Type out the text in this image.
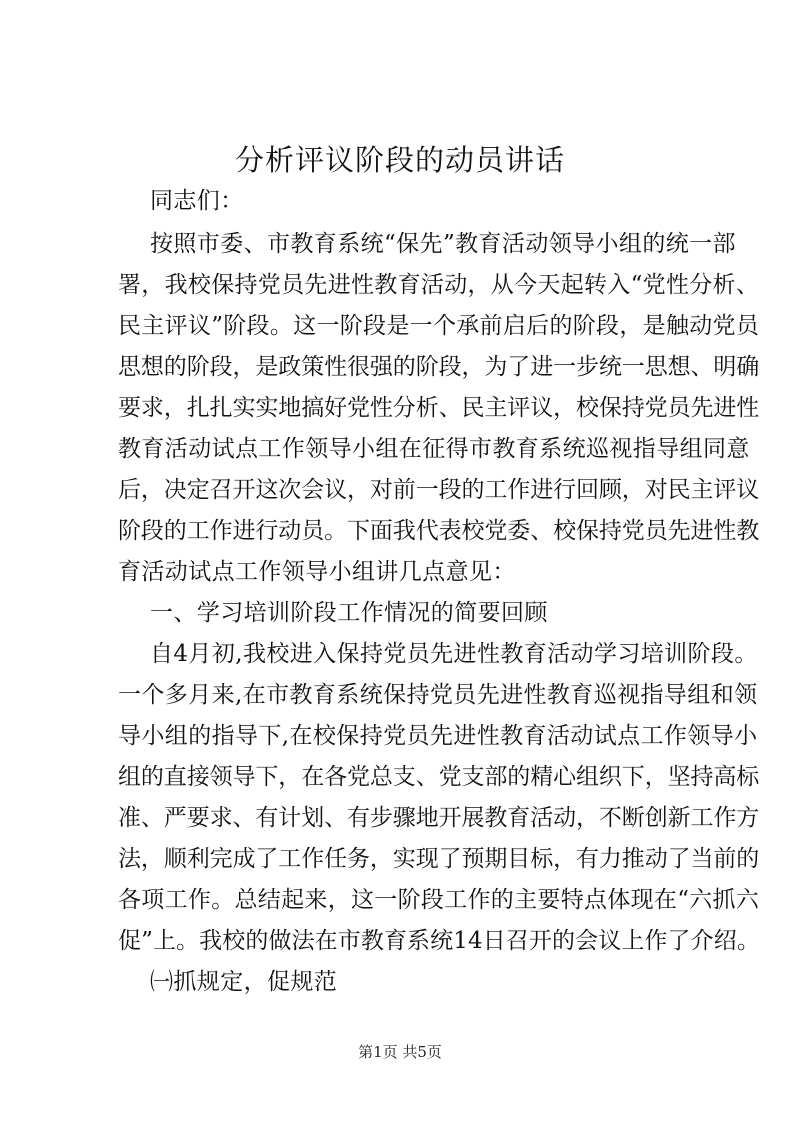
分析评议阶段的动员讲话
同志们：
按照市委、市教育系统“保先”教育活动领导小组的统一部
署，我校保持党员先进性教育活动，从今天起转入“党性分析、
民主评议”阶段。这一阶段是一个承前启后的阶段，是触动党员
思想的阶段，是政策性很强的阶段，为了进一步统一思想、明确
要求，扎扎实实地搞好党性分析、民主评议，校保持党员先进性
教育活动试点工作领导小组在征得市教育系统巡视指导组同意
后，决定召开这次会议，对前一段的工作进行回顾，对民主评议
阶段的工作进行动员。下面我代表校党委、校保持党员先进性教
育活动试点工作领导小组讲几点意见：
一、学习培训阶段工作情况的简要回顾
自4月初,我校进入保持党员先进性教育活动学习培训阶段。
一个多月来,在市教育系统保持党员先进性教育巡视指导组和领
导小组的指导下,在校保持党员先进性教育活动试点工作领导小
组的直接领导下，在各党总支、党支部的精心组织下，坚持高标
准、严要求、有计划、有步骤地开展教育活动，不断创新工作方
法，顺利完成了工作任务，实现了预期目标，有力推动了当前的
各项工作。总结起来，这一阶段工作的主要特点体现在“六抓六
促”上。我校的做法在市教育系统14日召开的会议上作了介绍。
㈠抓规定，促规范
第1页 共5页
